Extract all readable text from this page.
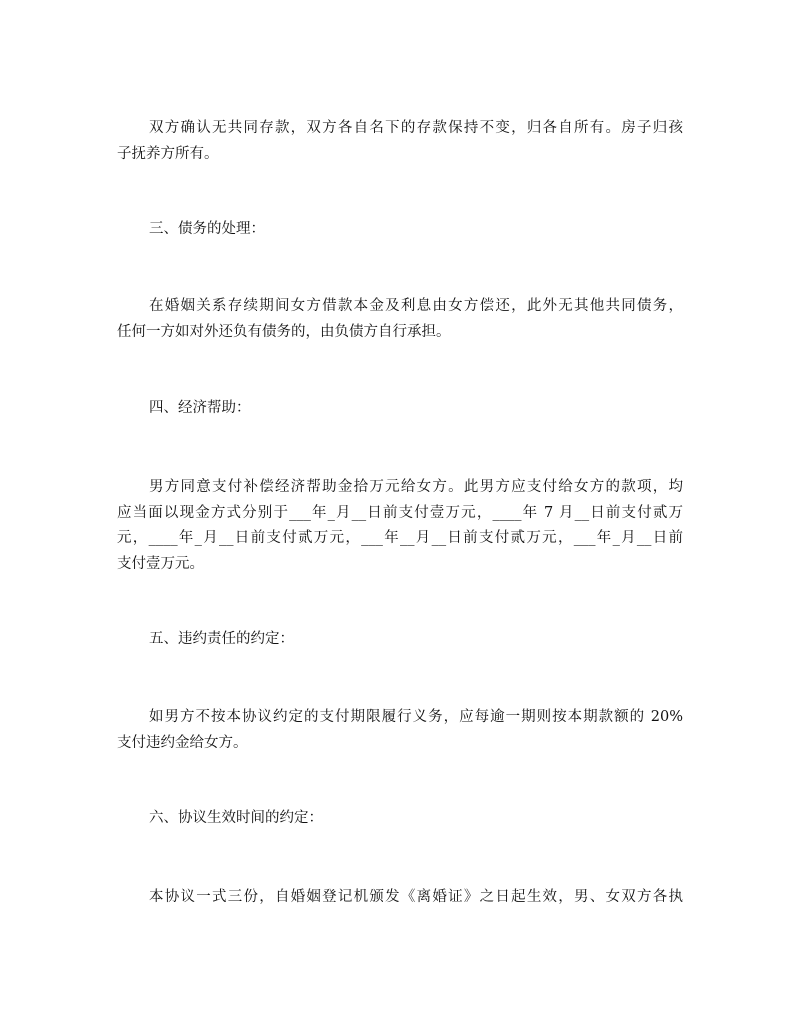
双方确认无共同存款，双方各自名下的存款保持不变，归各自所有。房子归孩
子抚养方所有。
三、债务的处理：
在婚姻关系存续期间女方借款本金及利息由女方偿还，此外无其他共同债务，
任何一方如对外还负有债务的，由负债方自行承担。
四、经济帮助：
男方同意支付补偿经济帮助金拾万元给女方。此男方应支付给女方的款项，均
应当面以现金方式分别于___年_月__日前支付壹万元，____年 7 月__日前支付贰万
元，____年_月__日前支付贰万元，___年__月__日前支付贰万元，___年_月__日前
支付壹万元。
五、违约责任的约定：
如男方不按本协议约定的支付期限履行义务，应每逾一期则按本期款额的 20%
支付违约金给女方。
六、协议生效时间的约定：
本协议一式三份，自婚姻登记机颁发《离婚证》之日起生效，男、女双方各执
